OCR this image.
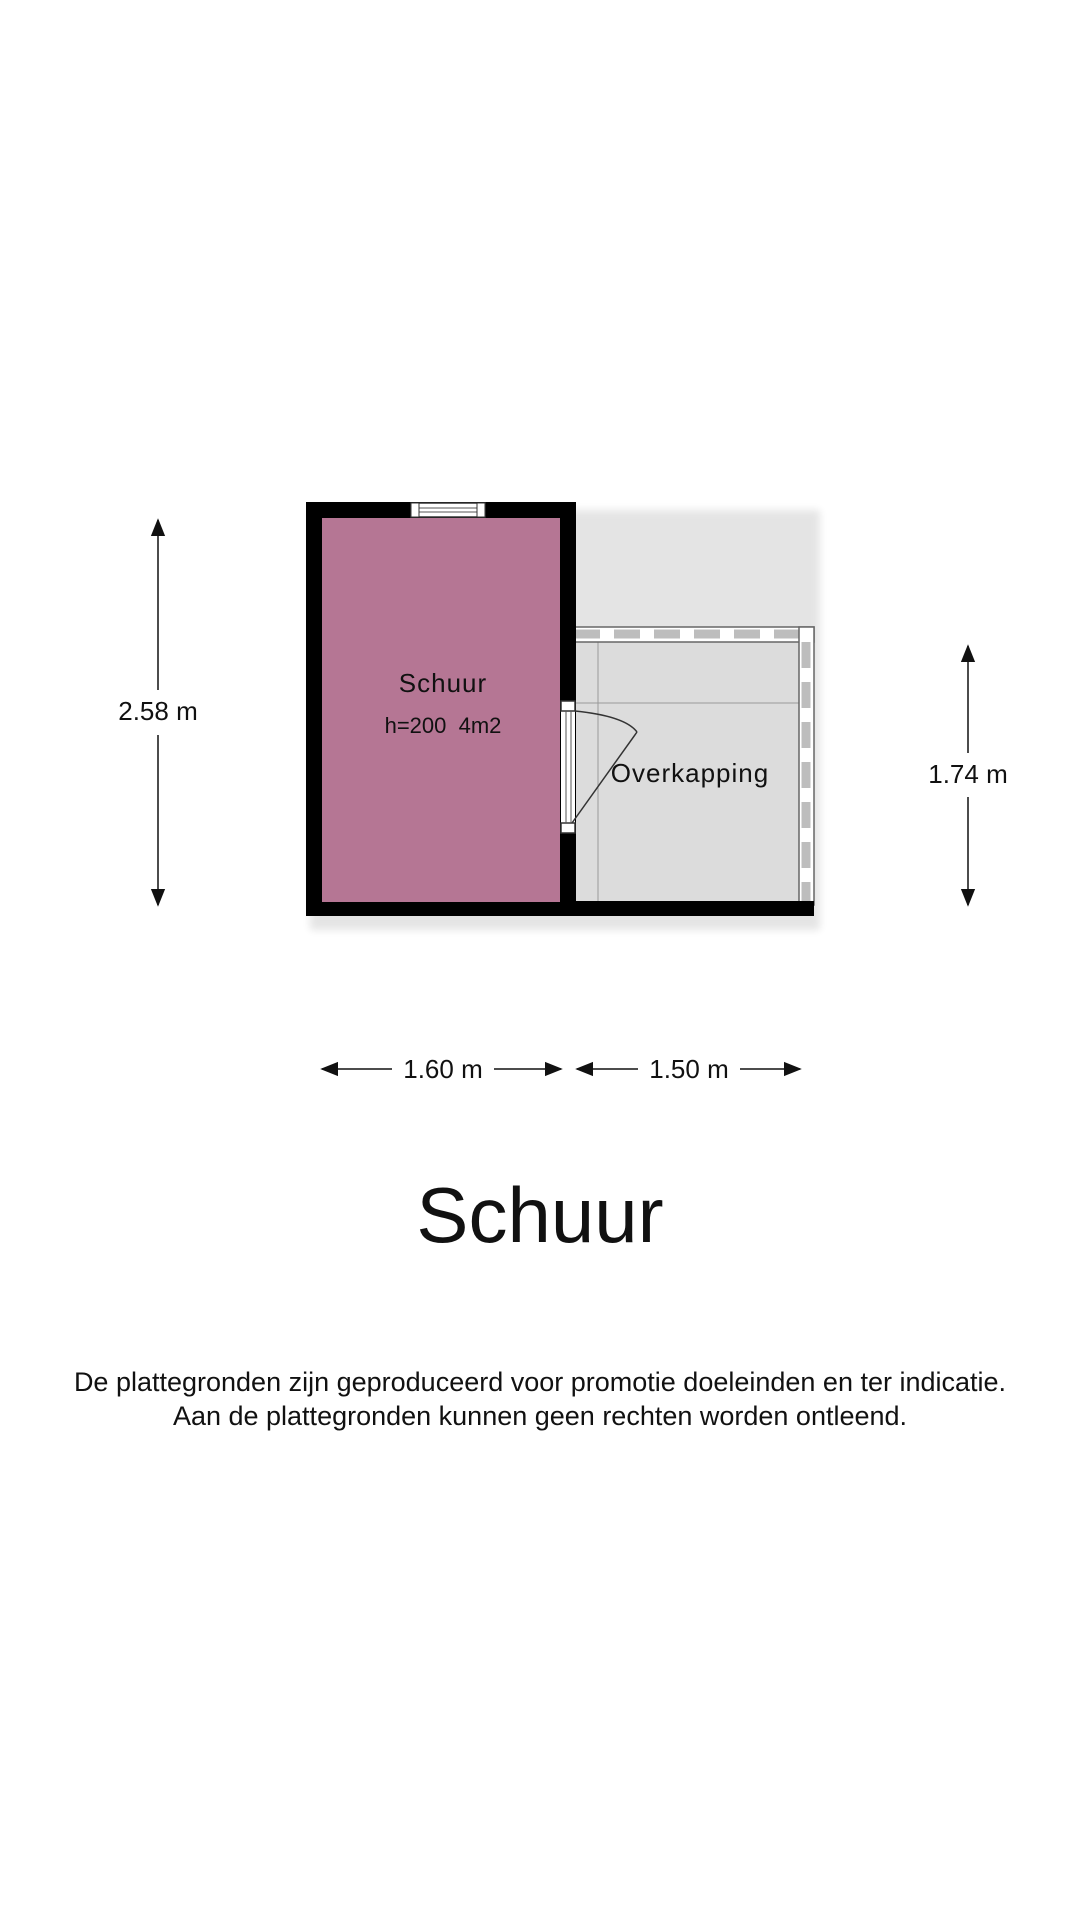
Schuur
h=200  4m2
Overkapping
2.58 m
1.74 m
1.60 m	1.50 m
Schuur
De plattegronden zijn geproduceerd voor promotie doeleinden en ter indicatie.
Aan de plattegronden kunnen geen rechten worden ontleend.
